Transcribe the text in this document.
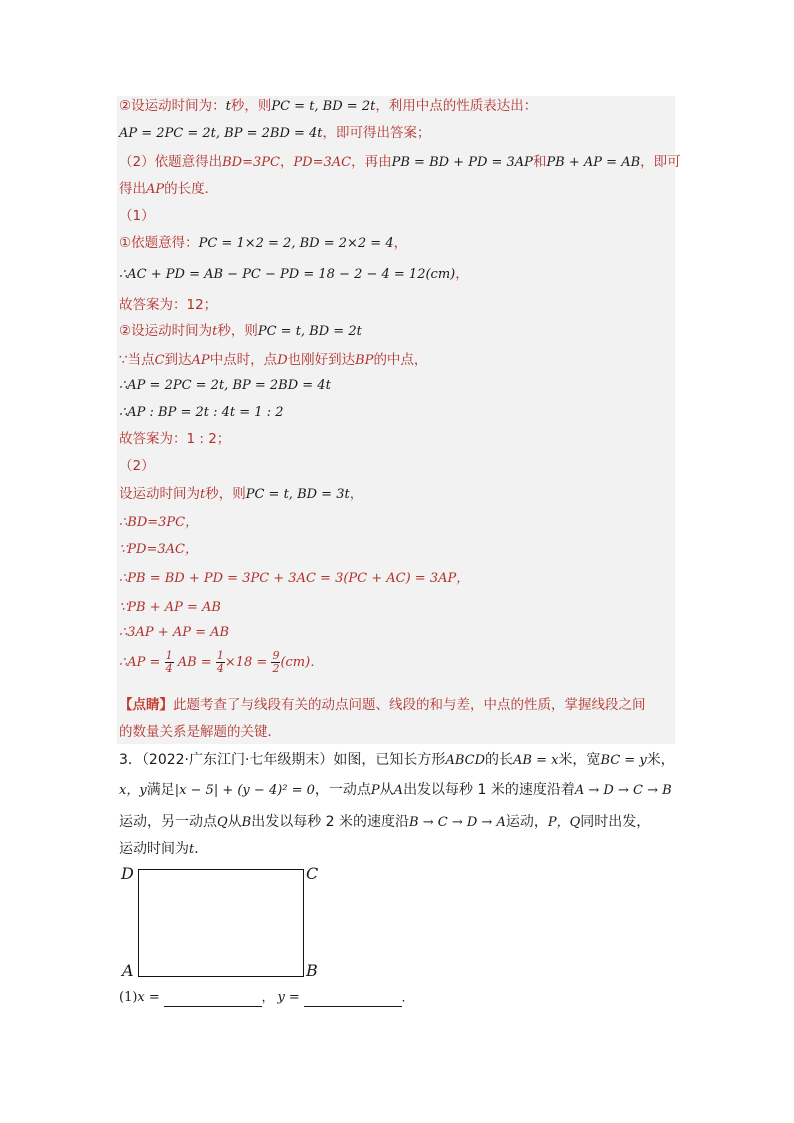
②设运动时间为：t秒，则PC = t, BD = 2t，利用中点的性质表达出：
AP = 2PC = 2t, BP = 2BD = 4t，即可得出答案；
（2）依题意得出BD=3PC，PD=3AC，再由PB = BD + PD = 3AP和PB + AP = AB，即可
得出AP的长度．
（1）
①依题意得：PC = 1×2 = 2, BD = 2×2 = 4，
∴AC + PD = AB − PC − PD = 18 − 2 − 4 = 12(cm)，
故答案为：12；
②设运动时间为t秒，则PC = t, BD = 2t
∵当点C到达AP中点时，点D也刚好到达BP的中点，
∴AP = 2PC = 2t, BP = 2BD = 4t
∴AP : BP = 2t : 4t = 1 : 2
故答案为：1 : 2；
（2）
设运动时间为t秒，则PC = t, BD = 3t，
∴BD=3PC，
∵PD=3AC，
∴PB = BD + PD = 3PC + 3AC = 3(PC + AC) = 3AP，
∵PB + AP = AB
∴3AP + AP = AB
∴AP = $\frac{1}{4}$ AB = $\frac{1}{4} \times 18 = \frac{9}{2} (cm)$．
【点睛】此题考查了与线段有关的动点问题、线段的和与差，中点的性质，掌握线段之间
的数量关系是解题的关键．
3．（2022·广东江门·七年级期末）如图，已知长方形ABCD的长AB = x米，宽BC = y米，
x，y满足|x − 5| + (y − 4)² = 0，一动点P从A出发以每秒 1 米的速度沿着A → D → C → B
运动，另一动点Q从B出发以每秒 2 米的速度沿B → C → D → A运动，P，Q同时出发，
运动时间为t．
D	C
A	B
(1)x =	， y =	．
